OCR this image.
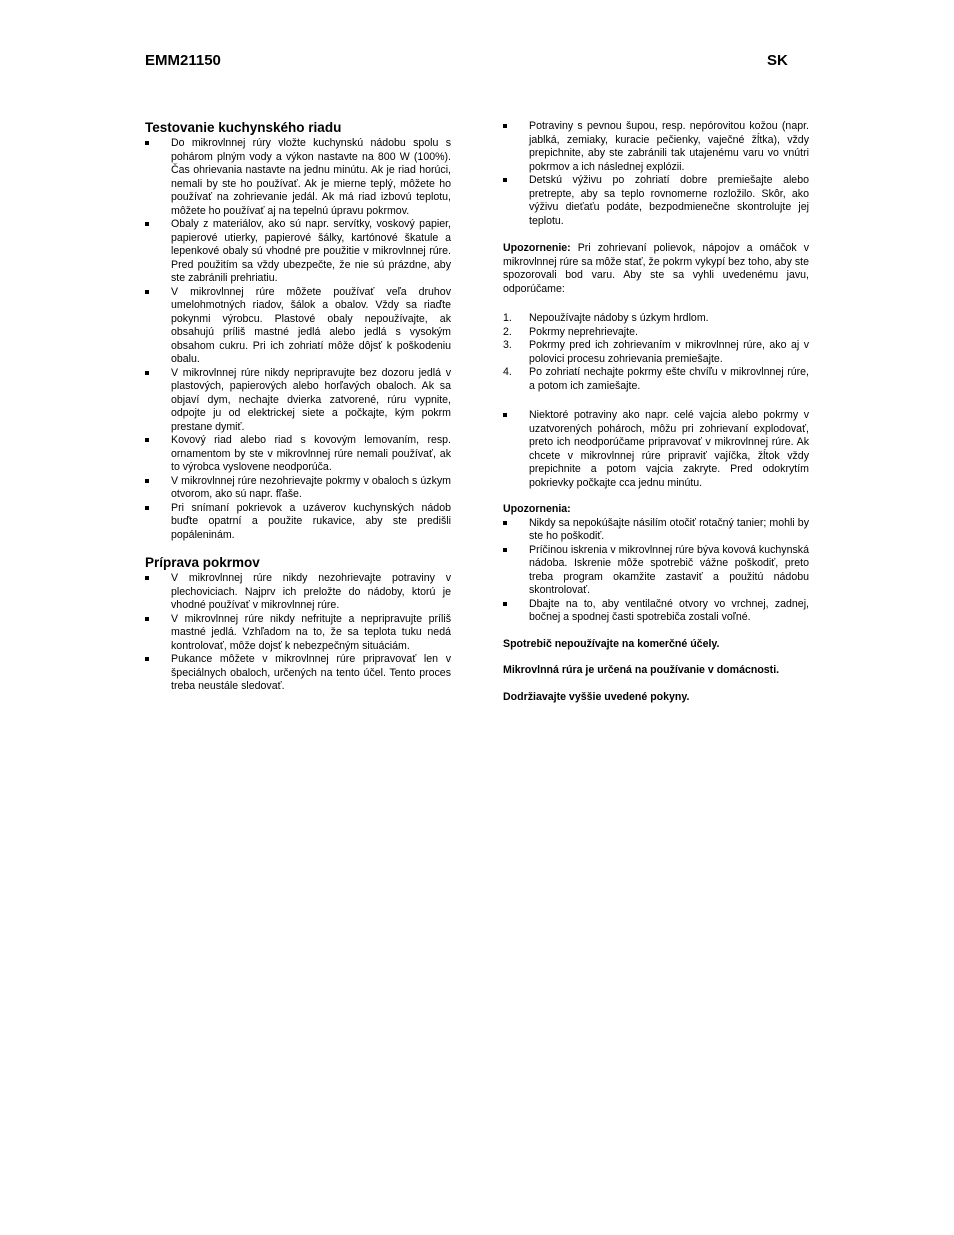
EMM21150	SK
Testovanie kuchynského riadu
Do mikrovlnnej rúry vložte kuchynskú nádobu spolu s pohárom plným vody a výkon nastavte na 800 W (100%). Čas ohrievania nastavte na jednu minútu. Ak je riad horúci, nemali by ste ho používať. Ak je mierne teplý, môžete ho používať na zohrievanie jedál. Ak má riad izbovú teplotu, môžete ho používať aj na tepelnú úpravu pokrmov.
Obaly z materiálov, ako sú napr. servítky, voskový papier, papierové utierky, papierové šálky, kartónové škatule a lepenkové obaly sú vhodné pre použitie v mikrovlnnej rúre. Pred použitím sa vždy ubezpečte, že nie sú prázdne, aby ste zabránili prehriatiu.
V mikrovlnnej rúre môžete používať veľa druhov umelohmotných riadov, šálok a obalov. Vždy sa riaďte pokynmi výrobcu. Plastové obaly nepoužívajte, ak obsahujú príliš mastné jedlá alebo jedlá s vysokým obsahom cukru. Pri ich zohriatí môže dôjsť k poškodeniu obalu.
V mikrovlnnej rúre nikdy nepripravujte bez dozoru jedlá v plastových, papierových alebo horľavých obaloch. Ak sa objaví dym, nechajte dvierka zatvorené, rúru vypnite, odpojte ju od elektrickej siete a počkajte, kým pokrm prestane dymiť.
Kovový riad alebo riad s kovovým lemovaním, resp. ornamentom by ste v mikrovlnnej rúre nemali používať, ak to výrobca vyslovene neodporúča.
V mikrovlnnej rúre nezohrievajte pokrmy v obaloch s úzkym otvorom, ako sú napr. fľaše.
Pri snímaní pokrievok a uzáverov kuchynských nádob buďte opatrní a použite rukavice, aby ste predišli popáleninám.
Príprava pokrmov
V mikrovlnnej rúre nikdy nezohrievajte potraviny v plechoviciach. Najprv ich preložte do nádoby, ktorú je vhodné používať v mikrovlnnej rúre.
V mikrovlnnej rúre nikdy nefritujte a nepripravujte príliš mastné jedlá. Vzhľadom na to, že sa teplota tuku nedá kontrolovať, môže dojsť k nebezpečným situáciám.
Pukance môžete v mikrovlnnej rúre pripravovať len v špeciálnych obaloch, určených na tento účel. Tento proces treba neustále sledovať.
Potraviny s pevnou šupou, resp. nepórovitou kožou (napr. jablká, zemiaky, kuracie pečienky, vaječné žĺtka), vždy prepichnite, aby ste zabránili tak utajenému varu vo vnútri pokrmov a ich následnej explózii.
Detskú výživu po zohriatí dobre premiešajte alebo pretrepte, aby sa teplo rovnomerne rozložilo. Skôr, ako výživu dieťaťu podáte, bezpodmienečne skontrolujte jej teplotu.

Upozornenie: Pri zohrievaní polievok, nápojov a omáčok v mikrovlnnej rúre sa môže stať, že pokrm vykypí bez toho, aby ste spozorovali bod varu. Aby ste sa vyhli uvedenému javu, odporúčame:

1. Nepoužívajte nádoby s úzkym hrdlom.
2. Pokrmy neprehrievajte.
3. Pokrmy pred ich zohrievaním v mikrovlnnej rúre, ako aj v polovici procesu zohrievania premiešajte.
4. Po zohriatí nechajte pokrmy ešte chvíľu v mikrovlnnej rúre, a potom ich zamiešajte.
Niektoré potraviny ako napr. celé vajcia alebo pokrmy v uzatvorených pohároch, môžu pri zohrievaní explodovať, preto ich neodporúčame pripravovať v mikrovlnnej rúre. Ak chcete v mikrovlnnej rúre pripraviť vajíčka, žĺtok vždy prepichnite a potom vajcia zakryte. Pred odokrytím pokrievky počkajte cca jednu minútu.

Upozornenia:

Nikdy sa nepokúšajte násilím otočiť rotačný tanier; mohli by ste ho poškodiť.
Príčinou iskrenia v mikrovlnnej rúre býva kovová kuchynská nádoba. Iskrenie môže spotrebič vážne poškodiť, preto treba program okamžite zastaviť a použitú nádobu skontrolovať.
Dbajte na to, aby ventilačné otvory vo vrchnej, zadnej, bočnej a spodnej časti spotrebiča zostali voľné.

Spotrebič nepoužívajte na komerčné účely.

Mikrovlnná rúra je určená na používanie v domácnosti.

Dodržiavajte vyššie uvedené pokyny.
